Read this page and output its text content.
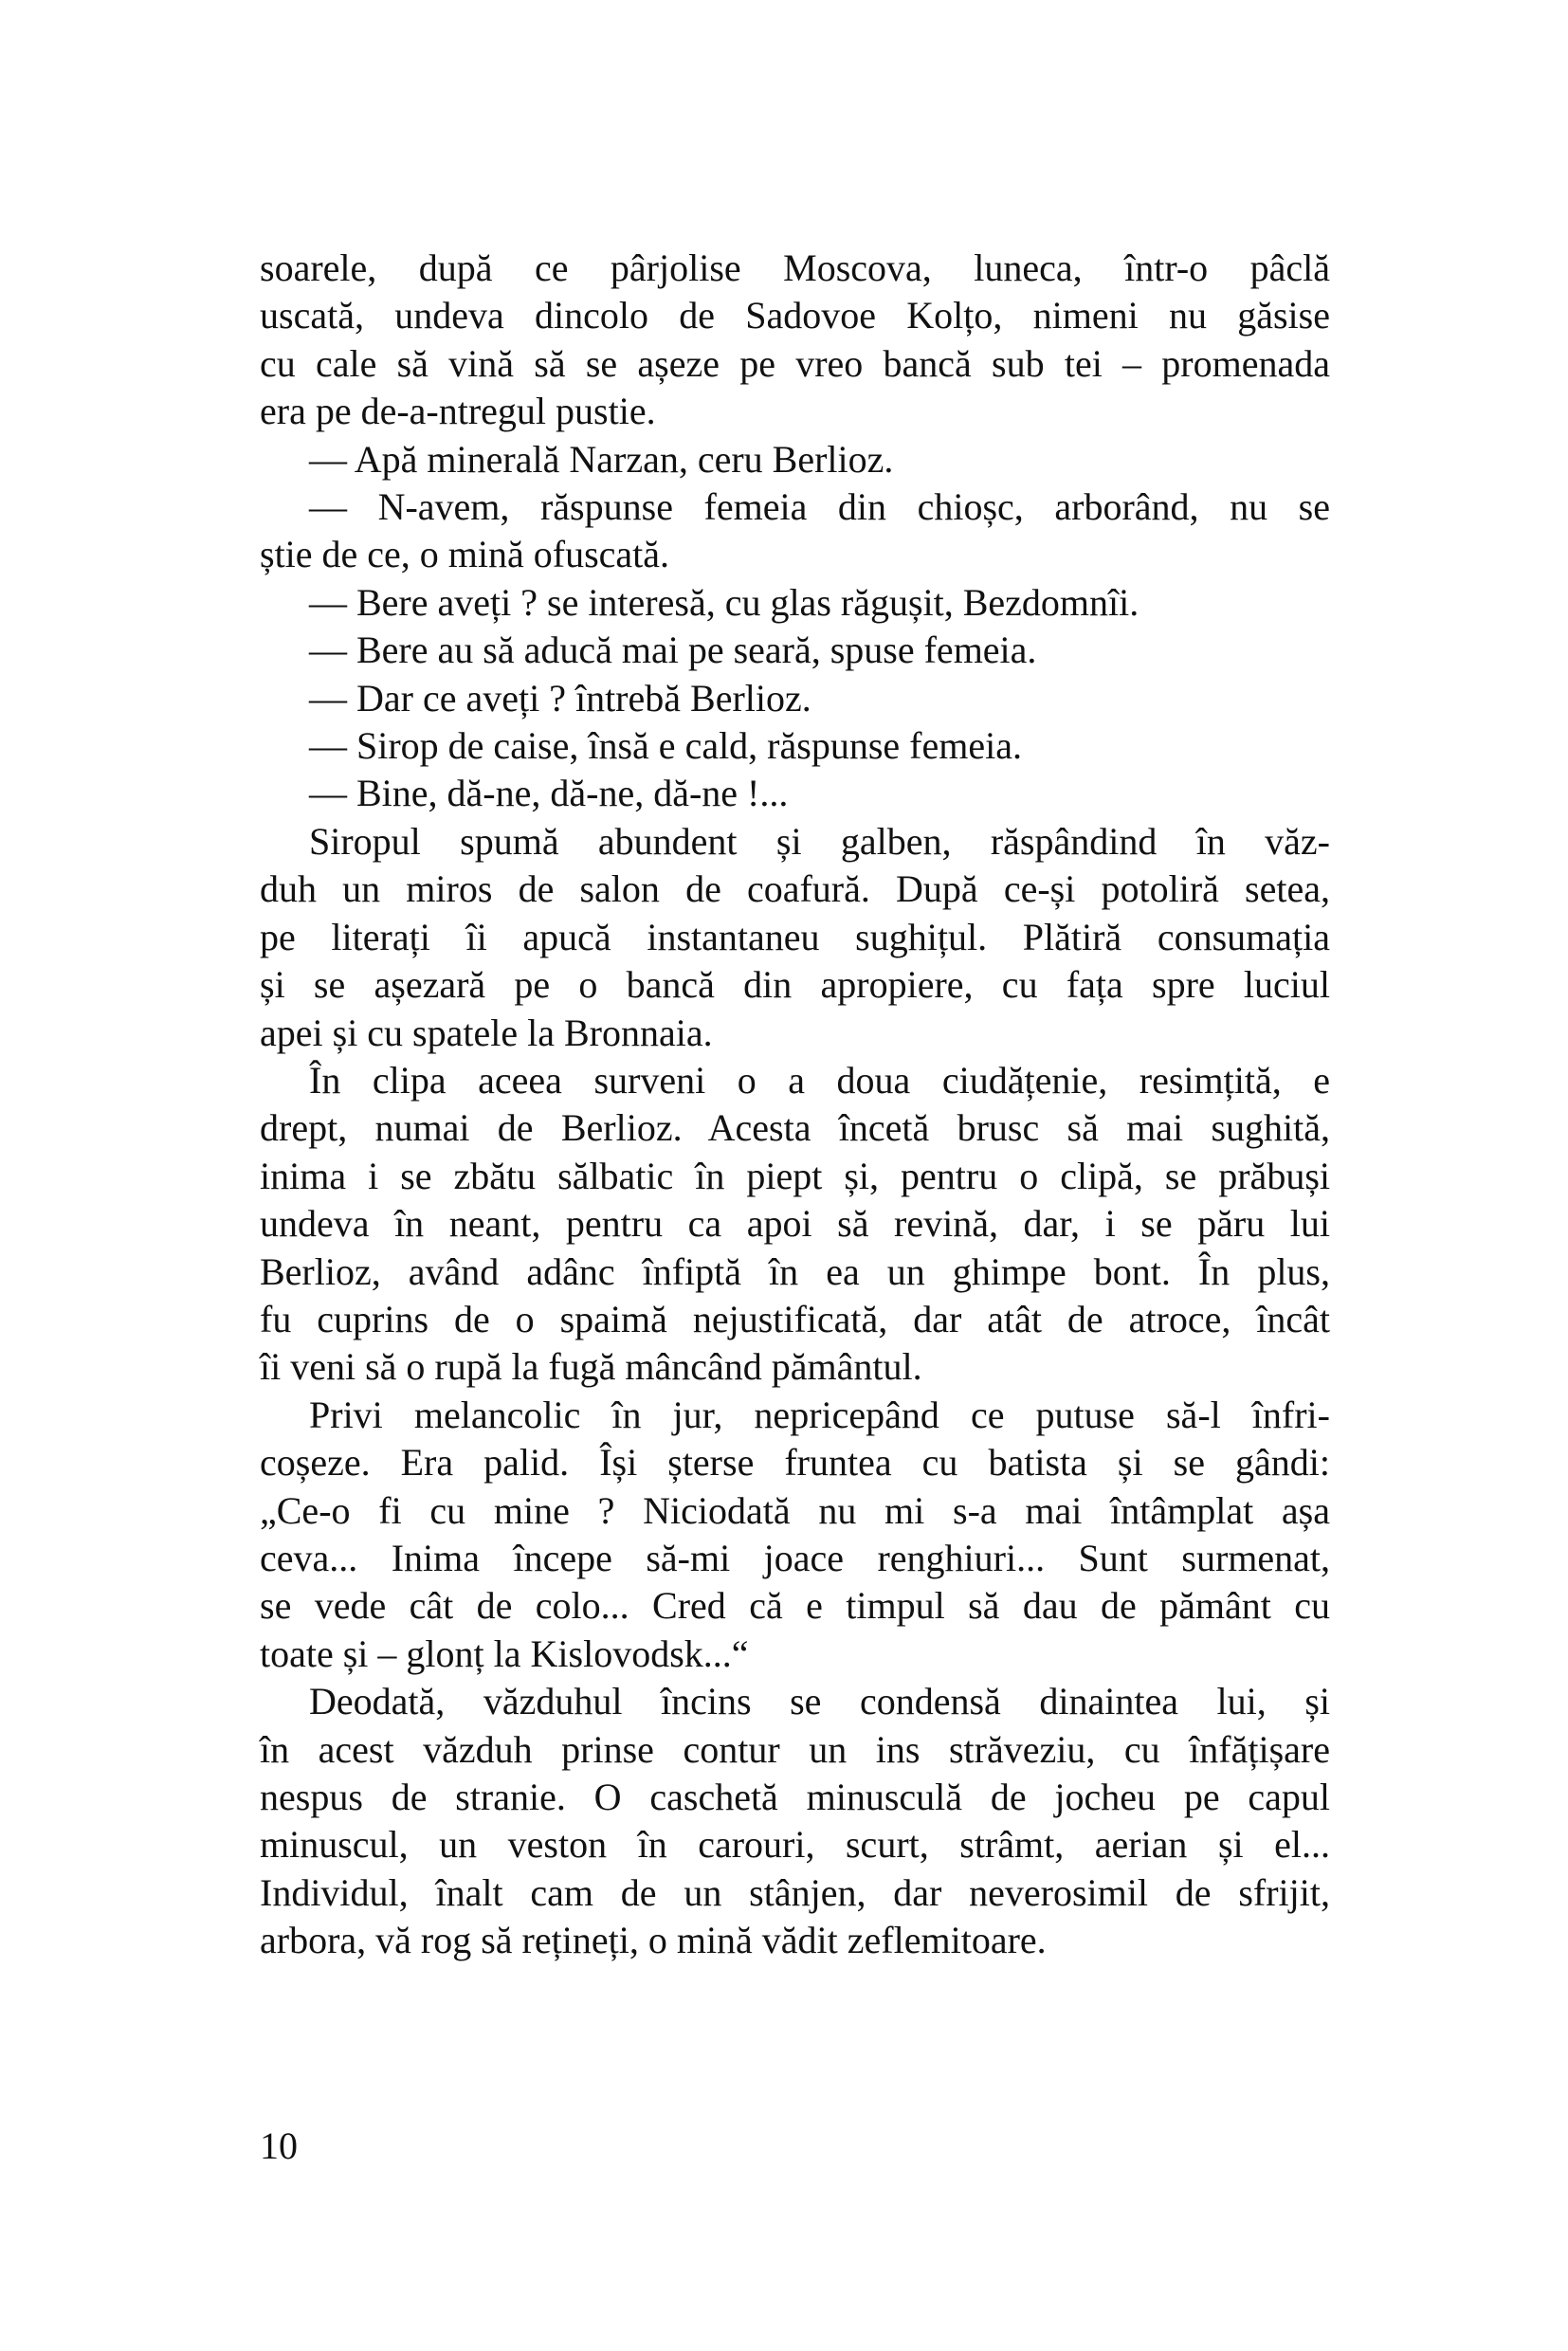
soarele, după ce pârjolise Moscova, luneca, într-o pâclă
uscată, undeva dincolo de Sadovoe Kolțo, nimeni nu găsise
cu cale să vină să se așeze pe vreo bancă sub tei – promenada
era pe de-a-ntregul pustie.
— Apă minerală Narzan, ceru Berlioz.
— N-avem, răspunse femeia din chioșc, arborând, nu se
știe de ce, o mină ofuscată.
— Bere aveți ? se interesă, cu glas răgușit, Bezdomnîi.
— Bere au să aducă mai pe seară, spuse femeia.
— Dar ce aveți ? întrebă Berlioz.
— Sirop de caise, însă e cald, răspunse femeia.
— Bine, dă-ne, dă-ne, dă-ne !...
Siropul spumă abundent și galben, răspândind în văz-
duh un miros de salon de coafură. După ce-și potoliră setea,
pe literați îi apucă instantaneu sughițul. Plătiră consumația
și se așezară pe o bancă din apropiere, cu fața spre luciul
apei și cu spatele la Bronnaia.
În clipa aceea surveni o a doua ciudățenie, resimțită, e
drept, numai de Berlioz. Acesta încetă brusc să mai sughită,
inima i se zbătu sălbatic în piept și, pentru o clipă, se prăbuși
undeva în neant, pentru ca apoi să revină, dar, i se păru lui
Berlioz, având adânc înfiptă în ea un ghimpe bont. În plus,
fu cuprins de o spaimă nejustificată, dar atât de atroce, încât
îi veni să o rupă la fugă mâncând pământul.
Privi melancolic în jur, nepricepând ce putuse să-l înfri-
coșeze. Era palid. Își șterse fruntea cu batista și se gândi:
„Ce-o fi cu mine ? Niciodată nu mi s-a mai întâmplat așa
ceva... Inima începe să-mi joace renghiuri... Sunt surmenat,
se vede cât de colo... Cred că e timpul să dau de pământ cu
toate și – glonț la Kislovodsk...“
Deodată, văzduhul încins se condensă dinaintea lui, și
în acest văzduh prinse contur un ins străveziu, cu înfățișare
nespus de stranie. O caschetă minusculă de jocheu pe capul
minuscul, un veston în carouri, scurt, strâmt, aerian și el...
Individul, înalt cam de un stânjen, dar neverosimil de sfrijit,
arbora, vă rog să rețineți, o mină vădit zeflemitoare.
10
